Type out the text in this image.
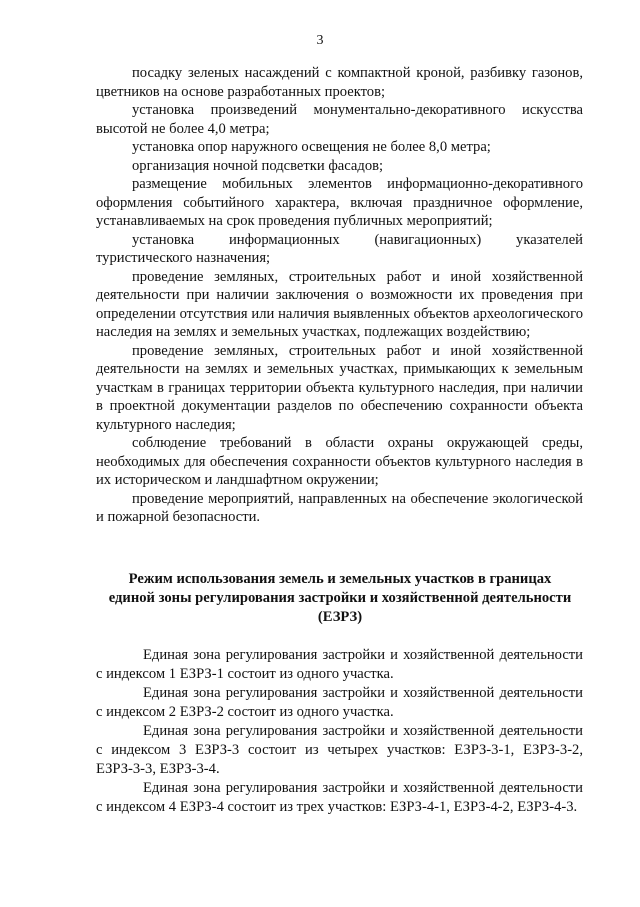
3

посадку зеленых насаждений с компактной кроной, разбивку газонов, цветников на основе разработанных проектов;

установка произведений монументально-декоративного искусства высотой не более 4,0 метра;

установка опор наружного освещения не более 8,0 метра;

организация ночной подсветки фасадов;

размещение мобильных элементов информационно-декоративного оформления событийного характера, включая праздничное оформление, устанавливаемых на срок проведения публичных мероприятий;

установка информационных (навигационных) указателей туристического назначения;

проведение земляных, строительных работ и иной хозяйственной деятельности при наличии заключения о возможности их проведения при определении отсутствия или наличия выявленных объектов археологического наследия на землях и земельных участках, подлежащих воздействию;

проведение земляных, строительных работ и иной хозяйственной деятельности на землях и земельных участках, примыкающих к земельным участкам в границах территории объекта культурного наследия, при наличии в проектной документации разделов по обеспечению сохранности объекта культурного наследия;

соблюдение требований в области охраны окружающей среды, необходимых для обеспечения сохранности объектов культурного наследия в их историческом и ландшафтном окружении;

проведение мероприятий, направленных на обеспечение экологической и пожарной безопасности.

Режим использования земель и земельных участков в границах
единой зоны регулирования застройки и хозяйственной деятельности
(ЕЗРЗ)

Единая зона регулирования застройки и хозяйственной деятельности с индексом 1 ЕЗРЗ-1 состоит из одного участка.

Единая зона регулирования застройки и хозяйственной деятельности с индексом 2 ЕЗРЗ-2 состоит из одного участка.

Единая зона регулирования застройки и хозяйственной деятельности с индексом 3 ЕЗРЗ-3 состоит из четырех участков: ЕЗРЗ-3-1, ЕЗРЗ-3-2, ЕЗРЗ-3-3, ЕЗРЗ-3-4.

Единая зона регулирования застройки и хозяйственной деятельности с индексом 4 ЕЗРЗ-4 состоит из трех участков: ЕЗРЗ-4-1, ЕЗРЗ-4-2, ЕЗРЗ-4-3.
